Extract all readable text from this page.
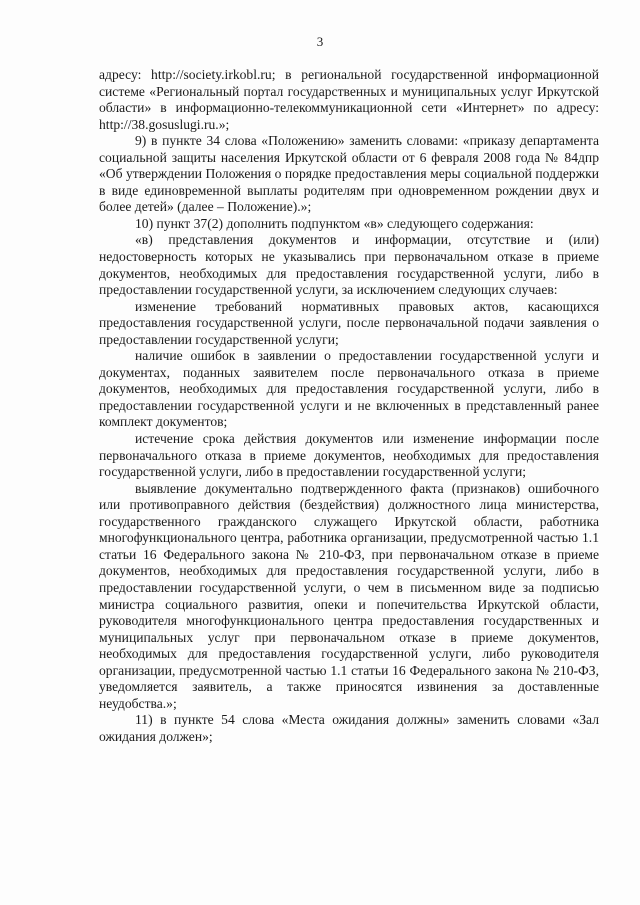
3

адресу: http://society.irkobl.ru; в региональной государственной информационной системе «Региональный портал государственных и муниципальных услуг Иркутской области» в информационно-телекоммуникационной сети «Интернет» по адресу: http://38.gosuslugi.ru.»;

9) в пункте 34 слова «Положению» заменить словами: «приказу департамента социальной защиты населения Иркутской области от 6 февраля 2008 года № 84дпр «Об утверждении Положения о порядке предоставления меры социальной поддержки в виде единовременной выплаты родителям при одновременном рождении двух и более детей» (далее – Положение).»;

10) пункт 37(2) дополнить подпунктом «в» следующего содержания:

«в) представления документов и информации, отсутствие и (или) недостоверность которых не указывались при первоначальном отказе в приеме документов, необходимых для предоставления государственной услуги, либо в предоставлении государственной услуги, за исключением следующих случаев:

изменение требований нормативных правовых актов, касающихся предоставления государственной услуги, после первоначальной подачи заявления о предоставлении государственной услуги;

наличие ошибок в заявлении о предоставлении государственной услуги и документах, поданных заявителем после первоначального отказа в приеме документов, необходимых для предоставления государственной услуги, либо в предоставлении государственной услуги и не включенных в представленный ранее комплект документов;

истечение срока действия документов или изменение информации после первоначального отказа в приеме документов, необходимых для предоставления государственной услуги, либо в предоставлении государственной услуги;

выявление документально подтвержденного факта (признаков) ошибочного или противоправного действия (бездействия) должностного лица министерства, государственного гражданского служащего Иркутской области, работника многофункционального центра, работника организации, предусмотренной частью 1.1 статьи 16 Федерального закона № 210-ФЗ, при первоначальном отказе в приеме документов, необходимых для предоставления государственной услуги, либо в предоставлении государственной услуги, о чем в письменном виде за подписью министра социального развития, опеки и попечительства Иркутской области, руководителя многофункционального центра предоставления государственных и муниципальных услуг при первоначальном отказе в приеме документов, необходимых для предоставления государственной услуги, либо руководителя организации, предусмотренной частью 1.1 статьи 16 Федерального закона № 210-ФЗ, уведомляется заявитель, а также приносятся извинения за доставленные неудобства.»;

11) в пункте 54 слова «Места ожидания должны» заменить словами «Зал ожидания должен»;
